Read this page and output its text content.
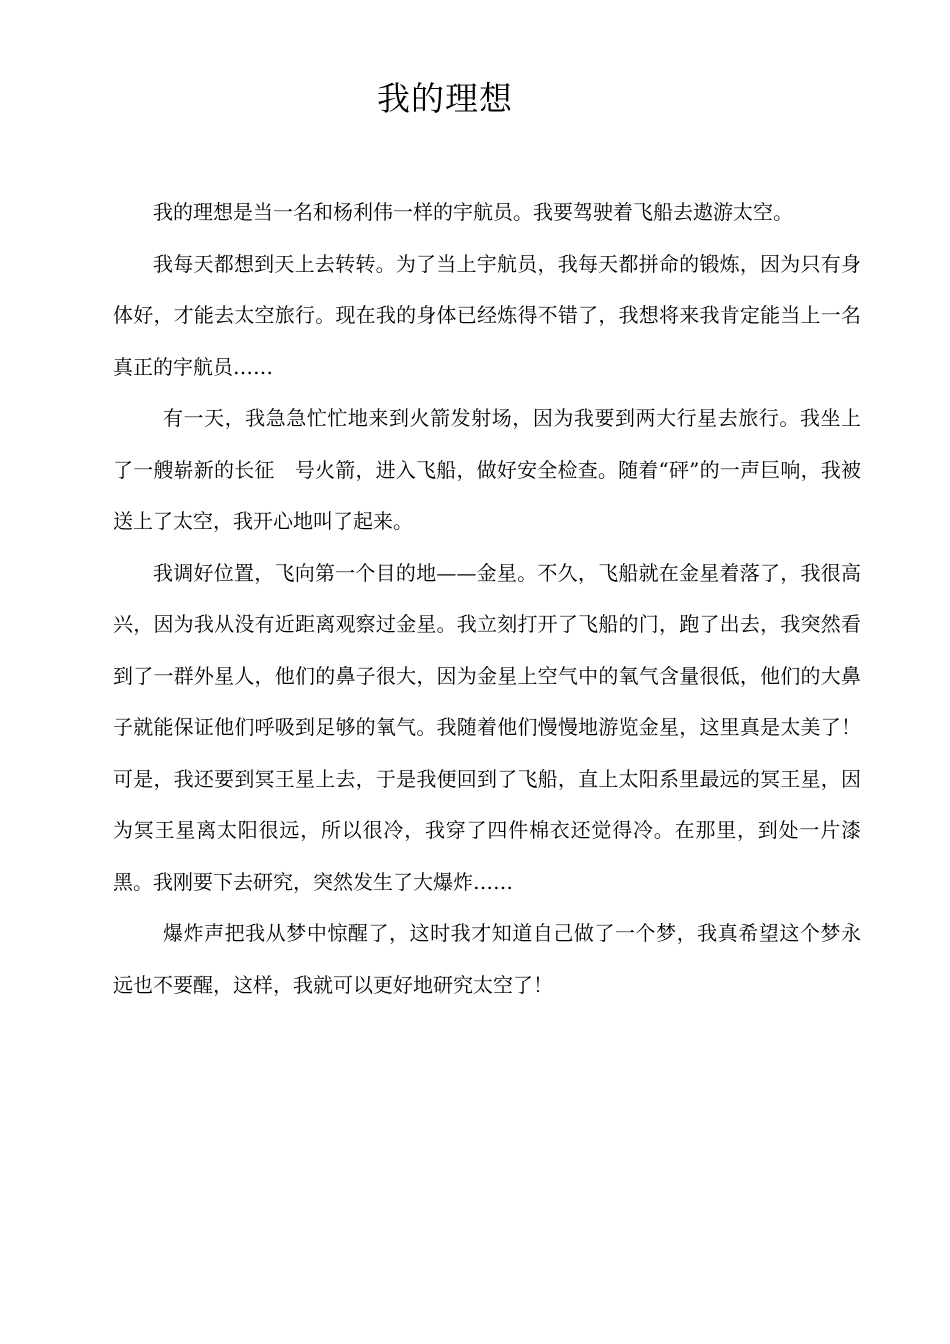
我的理想

我的理想是当一名和杨利伟一样的宇航员。我要驾驶着飞船去遨游太空。

我每天都想到天上去转转。为了当上宇航员，我每天都拼命的锻炼，因为只有身体好，才能去太空旅行。现在我的身体已经炼得不错了，我想将来我肯定能当上一名真正的宇航员……

有一天，我急急忙忙地来到火箭发射场，因为我要到两大行星去旅行。我坐上了一艘崭新的长征　号火箭，进入飞船，做好安全检查。随着“砰”的一声巨响，我被送上了太空，我开心地叫了起来。

我调好位置，飞向第一个目的地——金星。不久，飞船就在金星着落了，我很高兴，因为我从没有近距离观察过金星。我立刻打开了飞船的门，跑了出去，我突然看到了一群外星人，他们的鼻子很大，因为金星上空气中的氧气含量很低，他们的大鼻子就能保证他们呼吸到足够的氧气。我随着他们慢慢地游览金星，这里真是太美了！可是，我还要到冥王星上去，于是我便回到了飞船，直上太阳系里最远的冥王星，因为冥王星离太阳很远，所以很冷，我穿了四件棉衣还觉得冷。在那里，到处一片漆黑。我刚要下去研究，突然发生了大爆炸……

爆炸声把我从梦中惊醒了，这时我才知道自己做了一个梦，我真希望这个梦永远也不要醒，这样，我就可以更好地研究太空了！
